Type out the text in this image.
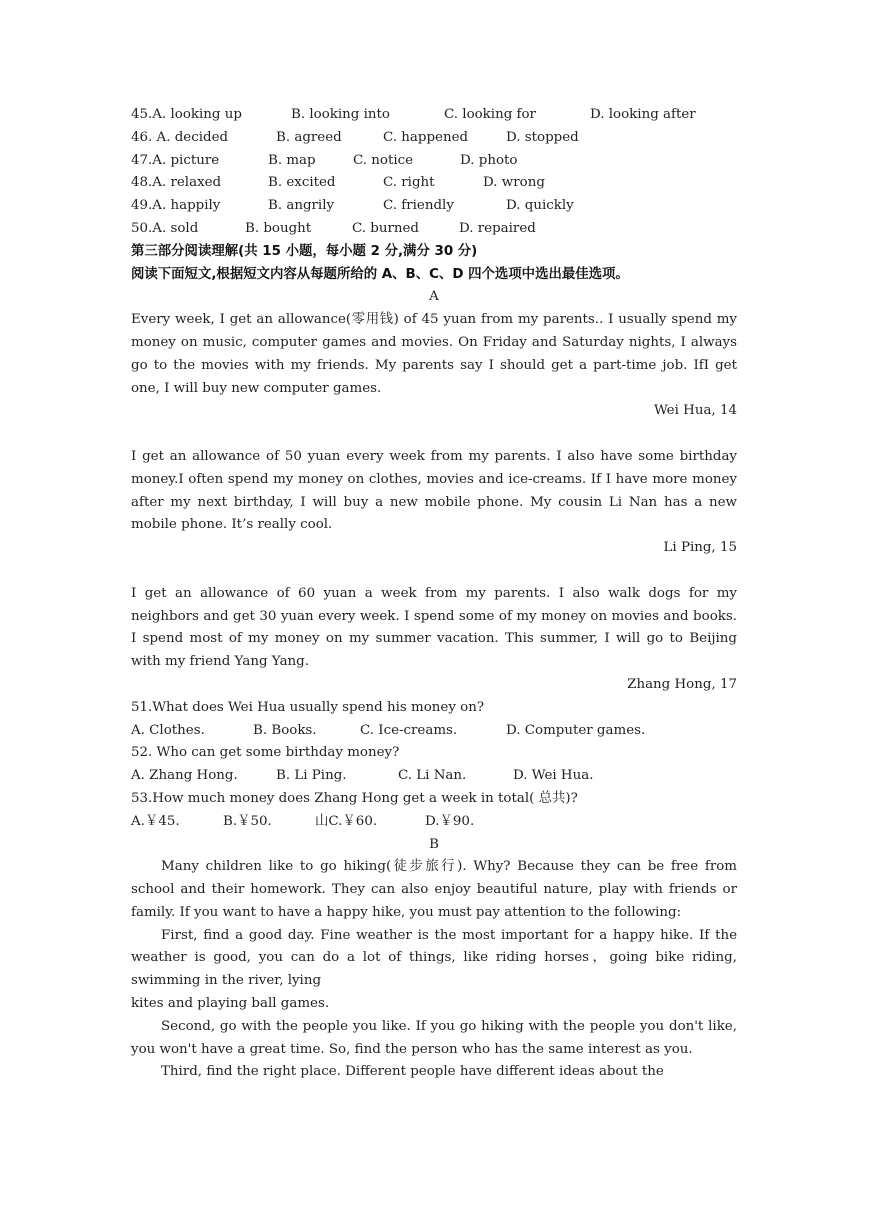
45.A. looking up	B. looking into	C. looking for	D. looking after
46. A. decided	B. agreed	C. happened	D. stopped
47.A. picture	B. map	C. notice	D. photo
48.A. relaxed	B. excited	C. right	D. wrong
49.A. happily	B. angrily	C. friendly	D. quickly
50.A. sold	B. bought	C. burned	D. repaired
第三部分阅读理解(共 15 小题，每小题 2 分,满分 30 分)
阅读下面短文,根据短文内容从每题所给的 A、B、C、D 四个选项中选出最佳选项。
A

Every week, I get an allowance(零用钱) of 45 yuan from my parents.. I usually spend my money on music, computer games and movies. On Friday and Saturday nights, I always go to the movies with my friends. My parents say I should get a part-time job. IfI get one, I will buy new computer games.

Wei Hua, 14

I get an allowance of 50 yuan every week from my parents. I also have some birthday money.I often spend my money on clothes, movies and ice-creams. If I have more money after my next birthday, I will buy a new mobile phone. My cousin Li Nan has a new mobile phone. It’s really cool.

Li Ping, 15

I get an allowance of 60 yuan a week from my parents. I also walk dogs for my neighbors and get 30 yuan every week. I spend some of my money on movies and books. I spend most of my money on my summer vacation. This summer, I will go to Beijing with my friend Yang Yang.

Zhang Hong, 17
51.What does Wei Hua usually spend his money on?
A. Clothes.	B. Books.	C. Ice-creams.	D. Computer games.
52. Who can get some birthday money?
A. Zhang Hong.	B. Li Ping.	C. Li Nan.	D. Wei Hua.
53.How much money does Zhang Hong get a week in total( 总共)?
A.￥45.	B.￥50.	山C.￥60.	D.￥90.
B

Many children like to go hiking(徒步旅行). Why? Because they can be free from school and their homework. They can also enjoy beautiful nature, play with friends or family. If you want to have a happy hike, you must pay attention to the following:

First, find a good day. Fine weather is the most important for a happy hike. If the weather is good, you can do a lot of things, like riding horses，going bike riding, swimming in the river, lying

kites and playing ball games.

Second, go with the people you like. If you go hiking with the people you don't like, you won't have a great time. So, find the person who has the same interest as you.

Third, find the right place. Different people have different ideas about the
